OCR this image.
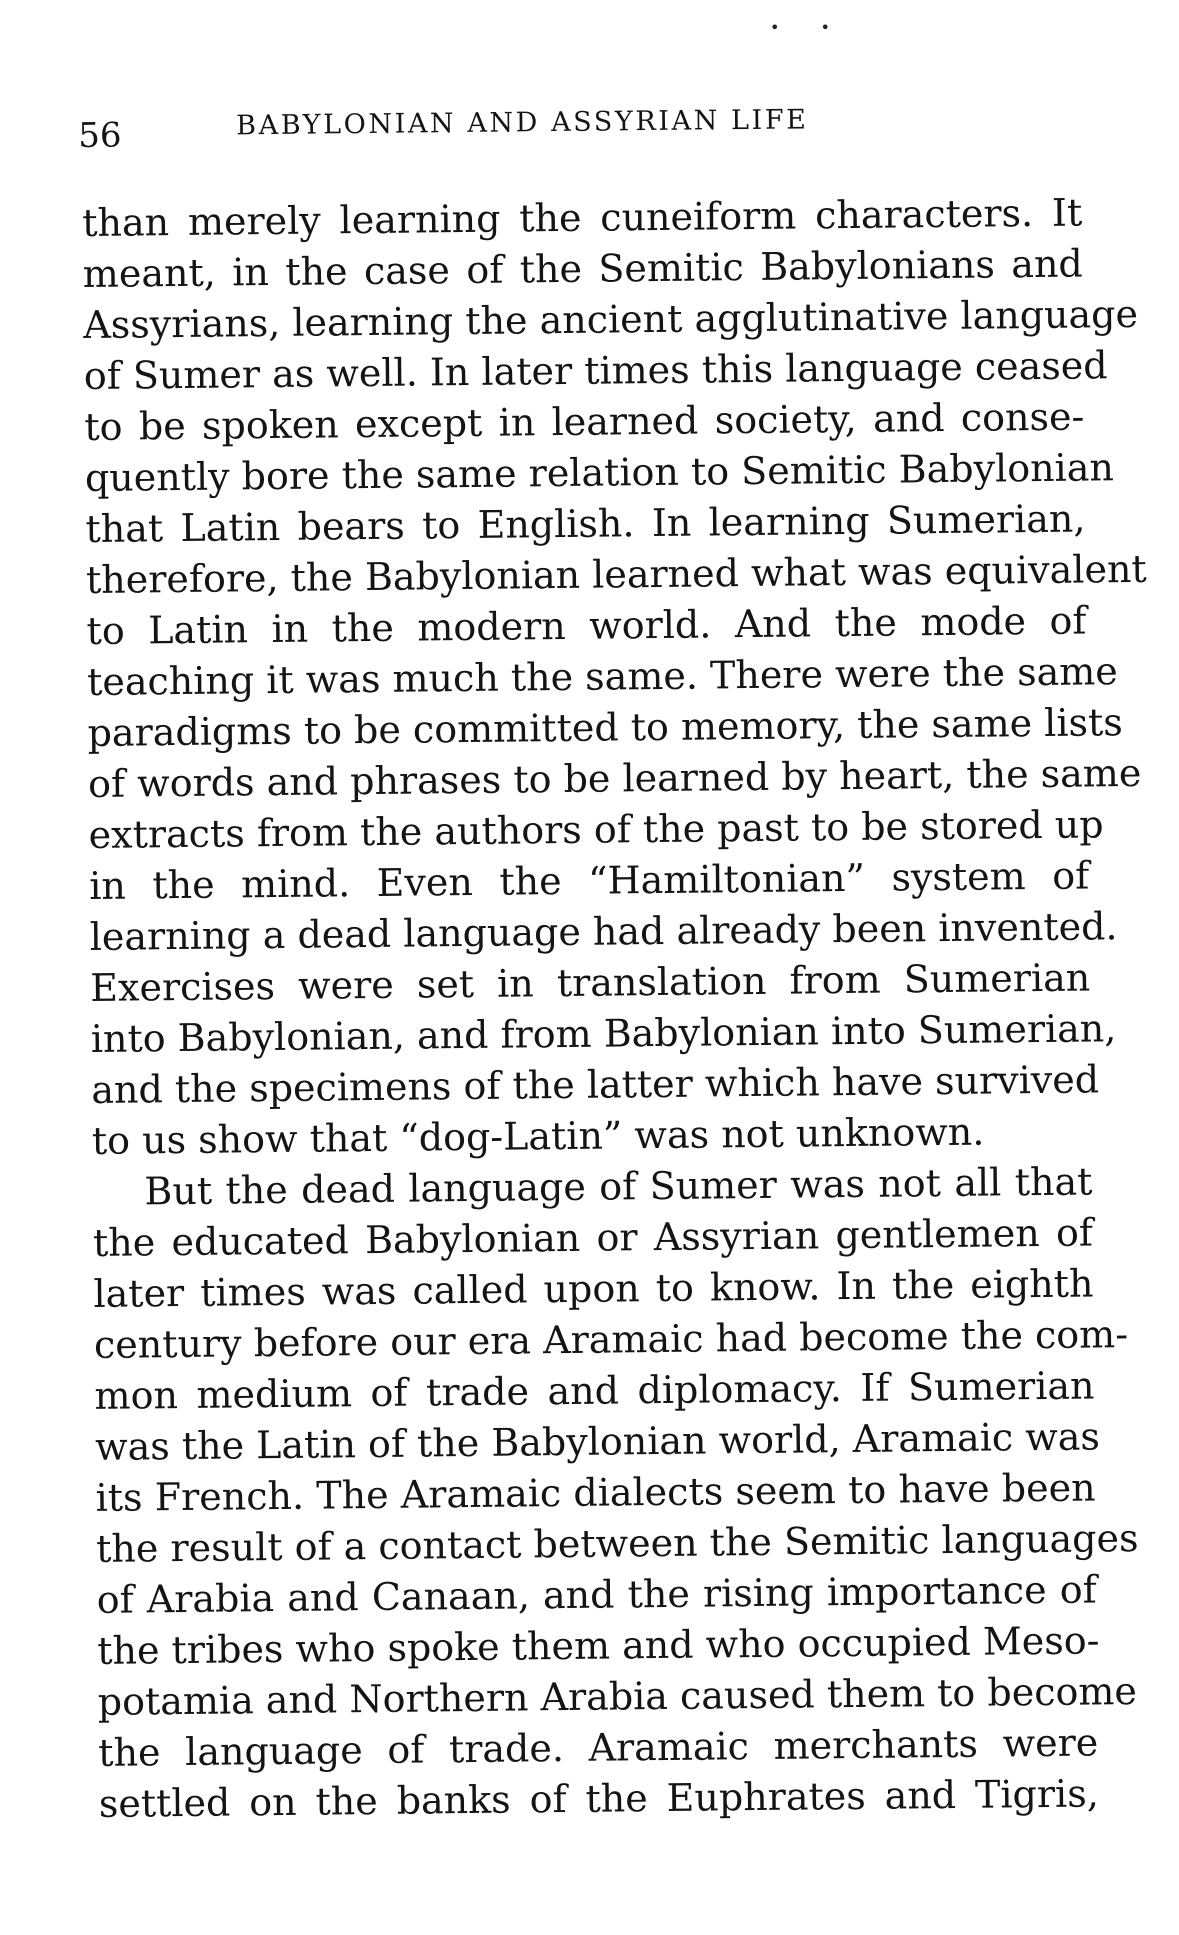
• •
56	BABYLONIAN AND ASSYRIAN LIFE
than merely learning the cuneiform characters. It
meant, in the case of the Semitic Babylonians and
Assyrians, learning the ancient agglutinative language
of Sumer as well. In later times this language ceased
to be spoken except in learned society, and conse-
quently bore the same relation to Semitic Babylonian
that Latin bears to English. In learning Sumerian,
therefore, the Babylonian learned what was equivalent
to Latin in the modern world. And the mode of
teaching it was much the same. There were the same
paradigms to be committed to memory, the same lists
of words and phrases to be learned by heart, the same
extracts from the authors of the past to be stored up
in the mind. Even the “Hamiltonian” system of
learning a dead language had already been invented.
Exercises were set in translation from Sumerian
into Babylonian, and from Babylonian into Sumerian,
and the specimens of the latter which have survived
to us show that “dog-Latin” was not unknown.
But the dead language of Sumer was not all that
the educated Babylonian or Assyrian gentlemen of
later times was called upon to know. In the eighth
century before our era Aramaic had become the com-
mon medium of trade and diplomacy. If Sumerian
was the Latin of the Babylonian world, Aramaic was
its French. The Aramaic dialects seem to have been
the result of a contact between the Semitic languages
of Arabia and Canaan, and the rising importance of
the tribes who spoke them and who occupied Meso-
potamia and Northern Arabia caused them to become
the language of trade. Aramaic merchants were
settled on the banks of the Euphrates and Tigris,
